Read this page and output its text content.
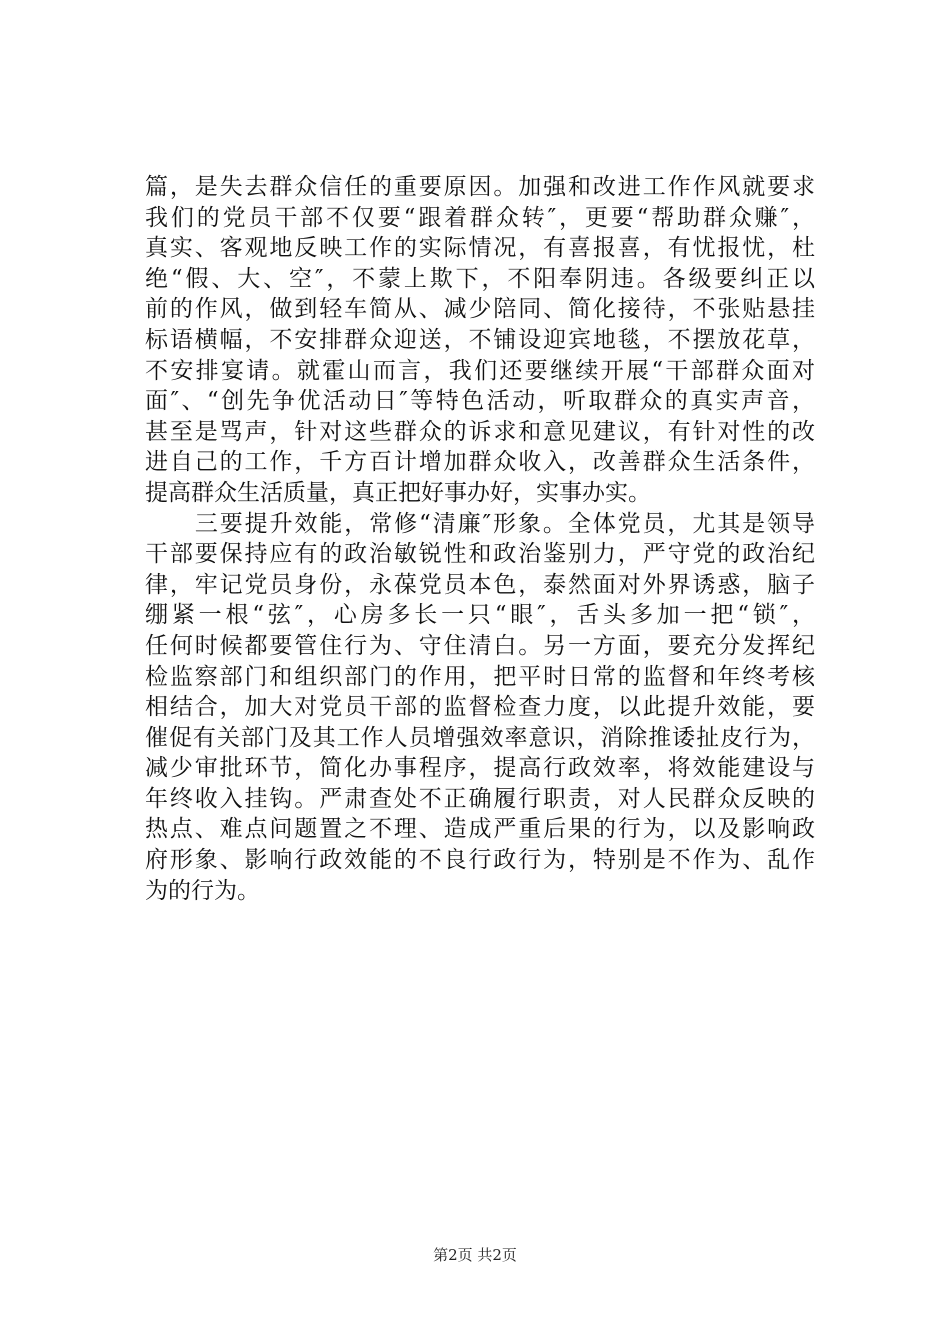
篇，是失去群众信任的重要原因。加强和改进工作作风就要求
我们的党员干部不仅要“跟着群众转″，更要“帮助群众赚″，
真实、客观地反映工作的实际情况，有喜报喜，有忧报忧，杜
绝“假、大、空″，不蒙上欺下，不阳奉阴违。各级要纠正以
前的作风，做到轻车简从、减少陪同、简化接待，不张贴悬挂
标语横幅，不安排群众迎送，不铺设迎宾地毯，不摆放花草，
不安排宴请。就霍山而言，我们还要继续开展“干部群众面对
面″、“创先争优活动日″等特色活动，听取群众的真实声音，
甚至是骂声，针对这些群众的诉求和意见建议，有针对性的改
进自己的工作，千方百计增加群众收入，改善群众生活条件，
提高群众生活质量，真正把好事办好，实事办实。
　　三要提升效能，常修“清廉″形象。全体党员，尤其是领导
干部要保持应有的政治敏锐性和政治鉴别力，严守党的政治纪
律，牢记党员身份，永葆党员本色，泰然面对外界诱惑，脑子
绷紧一根“弦″，心房多长一只“眼″，舌头多加一把“锁″，
任何时候都要管住行为、守住清白。另一方面，要充分发挥纪
检监察部门和组织部门的作用，把平时日常的监督和年终考核
相结合，加大对党员干部的监督检查力度，以此提升效能，要
催促有关部门及其工作人员增强效率意识，消除推诿扯皮行为，
减少审批环节，简化办事程序，提高行政效率，将效能建设与
年终收入挂钩。严肃查处不正确履行职责，对人民群众反映的
热点、难点问题置之不理、造成严重后果的行为，以及影响政
府形象、影响行政效能的不良行政行为，特别是不作为、乱作
为的行为。
第2页 共2页
